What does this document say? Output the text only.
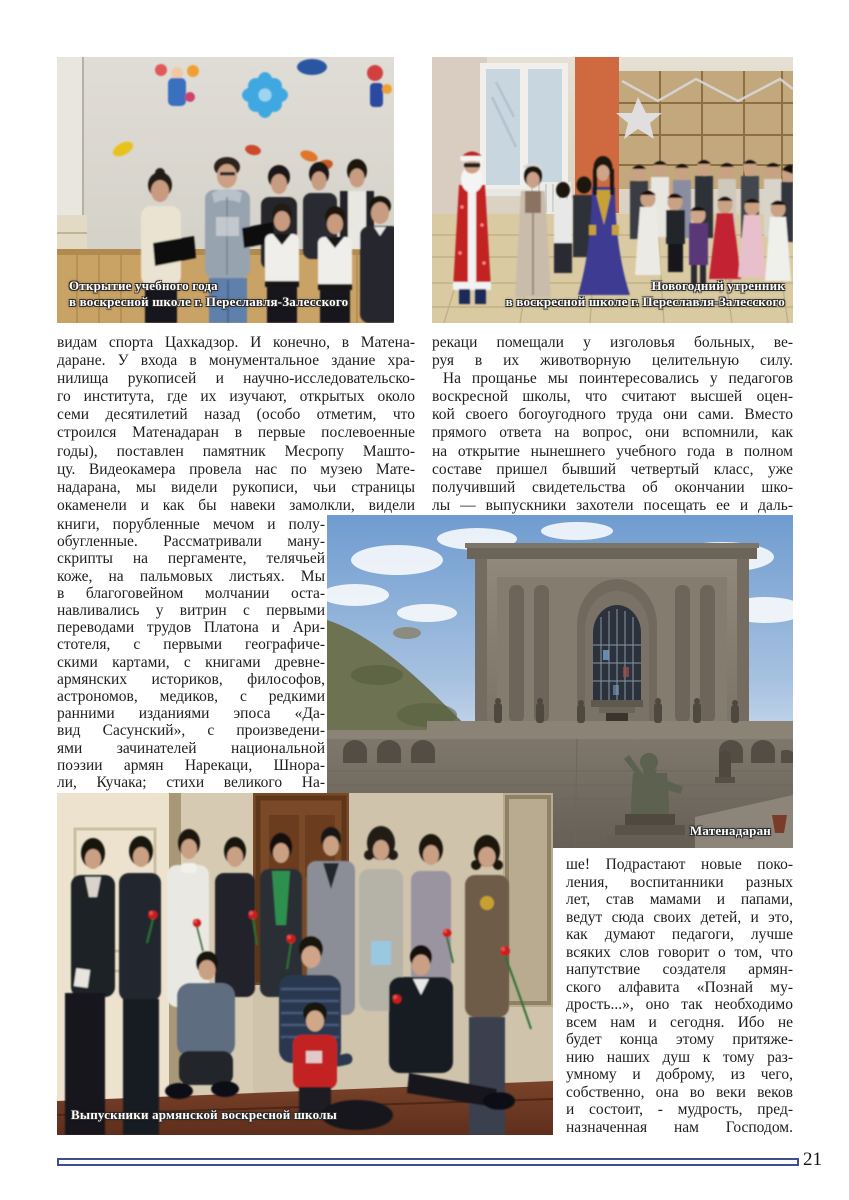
Открытие учебного года
в воскресной школе г. Переславля-Залесского
Новогодний утренник
в воскресной школе г. Переславля-Залесского
Матенадаран
Выпускники армянской воскресной школы
видам спорта Цахкадзор. И конечно, в Матена-
даране. У входа в монументальное здание хра-
нилища рукописей и научно-исследовательско-
го института, где их изучают, открытых около
семи десятилетий назад (особо отметим, что
строился Матенадаран в первые послевоенные
годы), поставлен памятник Месропу Машто-
цу. Видеокамера провела нас по музею Мате-
надарана, мы видели рукописи, чьи страницы
окаменели и как бы навеки замолкли, видели
рекаци помещали у изголовья больных, ве-
руя в их животворную целительную силу.
На прощанье мы поинтересовались у педагогов
воскресной школы, что считают высшей оцен-
кой своего богоугодного труда они сами. Вместо
прямого ответа на вопрос, они вспомнили, как
на открытие нынешнего учебного года в полном
составе пришел бывший четвертый класс, уже
получивший свидетельства об окончании шко-
лы — выпускники захотели посещать ее и даль-
книги, порубленные мечом и полу-
обугленные. Рассматривали ману-
скрипты на пергаменте, телячьей
коже, на пальмовых листьях. Мы
в благоговейном молчании оста-
навливались у витрин с первыми
переводами трудов Платона и Ари-
стотеля, с первыми географиче-
скими картами, с книгами древне-
армянских историков, философов,
астрономов, медиков, с редкими
ранними изданиями эпоса «Да-
вид Сасунский», с произведени-
ями зачинателей национальной
поэзии армян Нарекаци, Шнора-
ли, Кучака; стихи великого На-
ше! Подрастают новые поко-
ления, воспитанники разных
лет, став мамами и папами,
ведут сюда своих детей, и это,
как думают педагоги, лучше
всяких слов говорит о том, что
напутствие создателя армян-
ского алфавита «Познай му-
дрость...», оно так необходимо
всем нам и сегодня. Ибо не
будет конца этому притяже-
нию наших душ к тому раз-
умному и доброму, из чего,
собственно, она во веки веков
и состоит, - мудрость, пред-
назначенная нам Господом.
21
